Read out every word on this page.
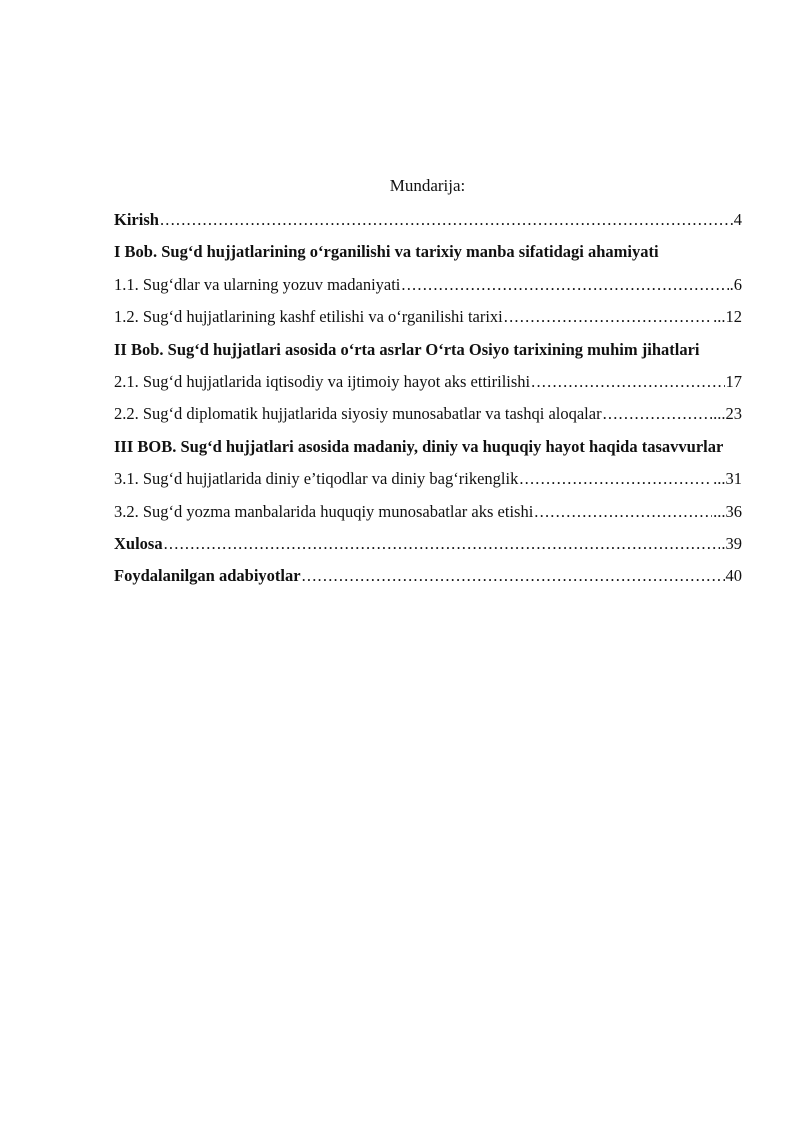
Mundarija:
Kirish .....	4
I Bob. Sug‘d hujjatlarining o‘rganilishi va tarixiy manba sifatidagi ahamiyati
1.1. Sug‘dlar va ularning yozuv madaniyati .....	.6
1.2. Sug‘d hujjatlarining kashf etilishi va o‘rganilishi tarixi .....	...12
II Bob. Sug‘d hujjatlari asosida o‘rta asrlar O‘rta Osiyo tarixining muhim jihatlari
2.1. Sug‘d hujjatlarida iqtisodiy va ijtimoiy hayot aks ettirilishi .....	17
2.2. Sug‘d diplomatik hujjatlarida siyosiy munosabatlar va tashqi aloqalar .....	...23
III BOB. Sug‘d hujjatlari asosida madaniy, diniy va huquqiy hayot haqida tasavvurlar
3.1. Sug‘d hujjatlarida diniy e’tiqodlar va diniy bag‘rikenglik .....	...31
3.2. Sug‘d yozma manbalarida huquqiy munosabatlar aks etishi .....	...36
Xulosa .....	.39
Foydalanilgan adabiyotlar .....	40
